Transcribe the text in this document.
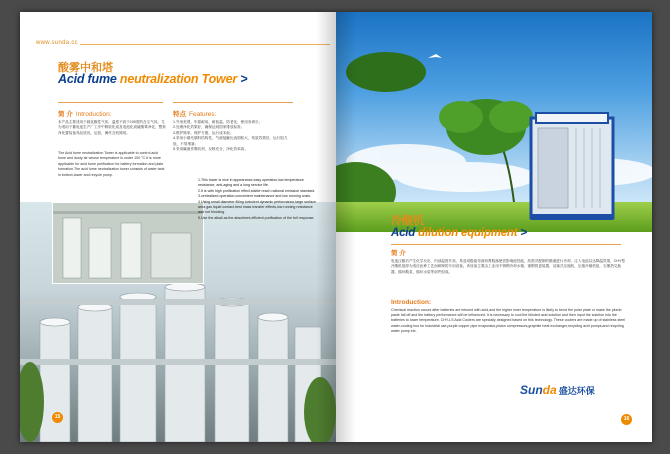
www.sunda.cc
酸雾中和塔
Acid fume neutralization Tower >
简 介 Introduction:

本产品主要适用于硫化酸性气体，温度不高于100度的含尘气体。尤为适用于蓄电池生产厂工序中吸收化成及电池化成硫酸雾净化，整套净化置装备具品质优，运营，操作含机简易。

The Acid fume neutralization Tower is applicable to control acid fume and dusty air whose temperature is under 100 °C.It is more applicable for acid fume purification for battery formation and plate formation.The acid fume neutralization tower consists of water tank in bottom,tower and recycle pump.

特点 Features:

1.外形美观，牢靠耐用，耐低温，防老化，使用寿命长；
2.处理净化效果好，确保达到国家排放标准；
3.维护简单，保护方便，运行成本低；
4.采用小填充填料结构性，气液接触比表面积大，传质效果好，运行阻力低，不易堵塞；
5.采用碱液作吸收剂，反映充分，净化效率高。

1.This tower is nice in appearance,easy operation,low temperature resistance, anti-aging and a long service life.
2.It is with high purification effect,stable reach national emission standard.
3.centralized operation,convenient maintenance and low running costs.
4.Using small diameter filling turbulent dynamic performance,large surface area gas liquid contact,best mass transfer effects,low running resistance and not blocking.
5.Use the alkali as the absorbent,efficient purification of the full response.

15
冷酸机
Acid dilution equipment >
简 介

电池注酸后产生化学反应，内部温度升高，易造成极板弯曲铅膏脱落使质影响池性能，故需对配制的酸液进行冷却，注入电池以达降温效果，CHY型冷酸机组即为适应此种工艺而研制的专用设备。该设备主要由工业用不锈钢冷却水箱，蜜钢管更装置，活塞式压缩机，压缩冷凝机组，石墨热交换器，循环酸泵，循环水泵等部件组成。

Introduction:

Chemical reaction occurs after batteries are infused with acid,and the higher inner temperature is likely to bend the polar plate or make the plumb paste fall off and the battery performance will be influenced. It is necessary to cool the blinded acid solution and then input the solution into the batteries to lower temperature. CHY-LS Acid Coolers are specially designed based on this technology. These coolers are made up of stainless steel water-cooling box for industrial use,purple copper pipe evaporator,piston compressors,graphite heat exchanger,recycling acid pumps,and recycling water pump etc.

Sunda 盛达环保
16
